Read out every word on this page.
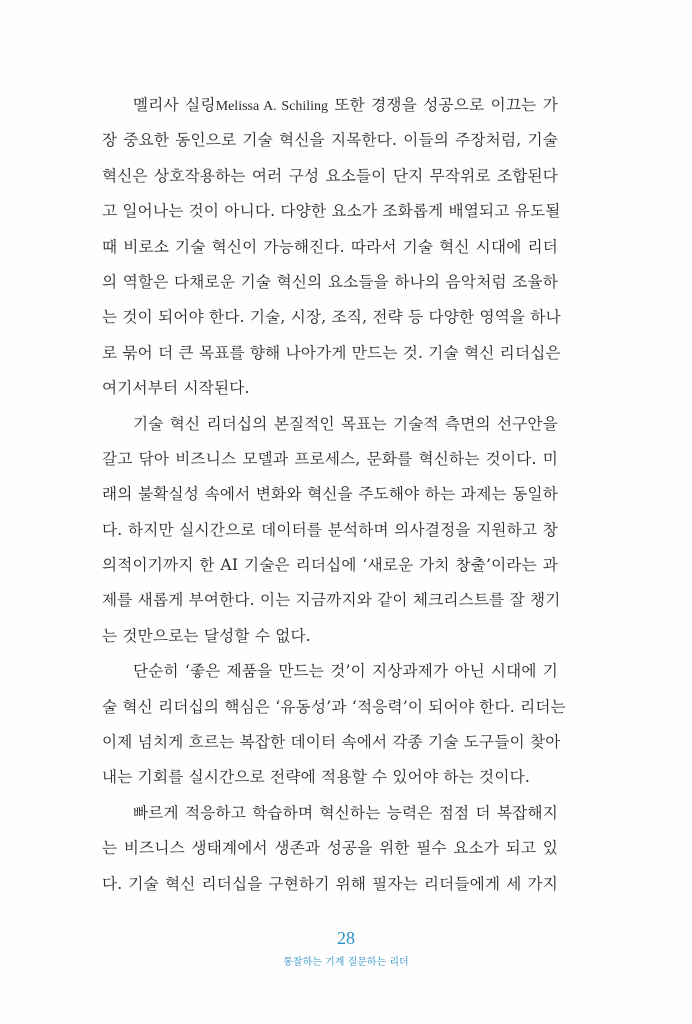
멜리사 실링Melissa A. Schiling 또한 경쟁을 성공으로 이끄는 가
장 중요한 동인으로 기술 혁신을 지목한다. 이들의 주장처럼, 기술
혁신은 상호작용하는 여러 구성 요소들이 단지 무작위로 조합된다
고 일어나는 것이 아니다. 다양한 요소가 조화롭게 배열되고 유도될
때 비로소 기술 혁신이 가능해진다. 따라서 기술 혁신 시대에 리더
의 역할은 다채로운 기술 혁신의 요소들을 하나의 음악처럼 조율하
는 것이 되어야 한다. 기술, 시장, 조직, 전략 등 다양한 영역을 하나
로 묶어 더 큰 목표를 향해 나아가게 만드는 것. 기술 혁신 리더십은
여기서부터 시작된다.
기술 혁신 리더십의 본질적인 목표는 기술적 측면의 선구안을
갈고 닦아 비즈니스 모델과 프로세스, 문화를 혁신하는 것이다. 미
래의 불확실성 속에서 변화와 혁신을 주도해야 하는 과제는 동일하
다. 하지만 실시간으로 데이터를 분석하며 의사결정을 지원하고 창
의적이기까지 한 AI 기술은 리더십에 ‘새로운 가치 창출’이라는 과
제를 새롭게 부여한다. 이는 지금까지와 같이 체크리스트를 잘 챙기
는 것만으로는 달성할 수 없다.
단순히 ‘좋은 제품을 만드는 것’이 지상과제가 아닌 시대에 기
술 혁신 리더십의 핵심은 ‘유동성’과 ‘적응력’이 되어야 한다. 리더는
이제 넘치게 흐르는 복잡한 데이터 속에서 각종 기술 도구들이 찾아
내는 기회를 실시간으로 전략에 적용할 수 있어야 하는 것이다.
빠르게 적응하고 학습하며 혁신하는 능력은 점점 더 복잡해지
는 비즈니스 생태계에서 생존과 성공을 위한 필수 요소가 되고 있
다. 기술 혁신 리더십을 구현하기 위해 필자는 리더들에게 세 가지
28
통찰하는 기계 질문하는 리더
